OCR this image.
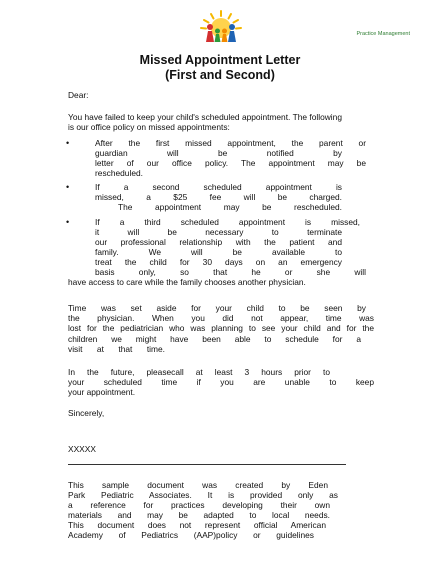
Practice Management
Missed Appointment Letter
(First and Second)
Dear:
You have failed to keep your child's scheduled appointment. The following
is our office policy on missed appointments:
•	After the first missed appointment, the parent or
guardian will be notified by
letter of our office policy. The appointment may be
rescheduled.
•	If a second scheduled appointment is
missed, a $25 fee will be charged.
The appointment may be rescheduled.
•	If a third scheduled appointment is missed,
it will be necessary to terminate
our professional relationship with the patient and
family. We will be available to
treat the child for 30 days on an emergency
basis only, so that he or she will
have access to care while the family chooses another physician.
Time was set aside for your child to be seen by
the physician. When you did not appear, time was
lost for the pediatrician who was planning to see your child and for the
children we might have been able to schedule for a
visit at that time.
In the future, pleasecall at least 3 hours prior to
your scheduled time if you are unable to keep
your appointment.
Sincerely,
XXXXX
This sample document was created by Eden
Park Pediatric Associates. It is provided only as
a reference for practices developing their own
materials and may be adapted to local needs.
This document does not represent official American
Academy of Pediatrics (AAP)policy or guidelines
